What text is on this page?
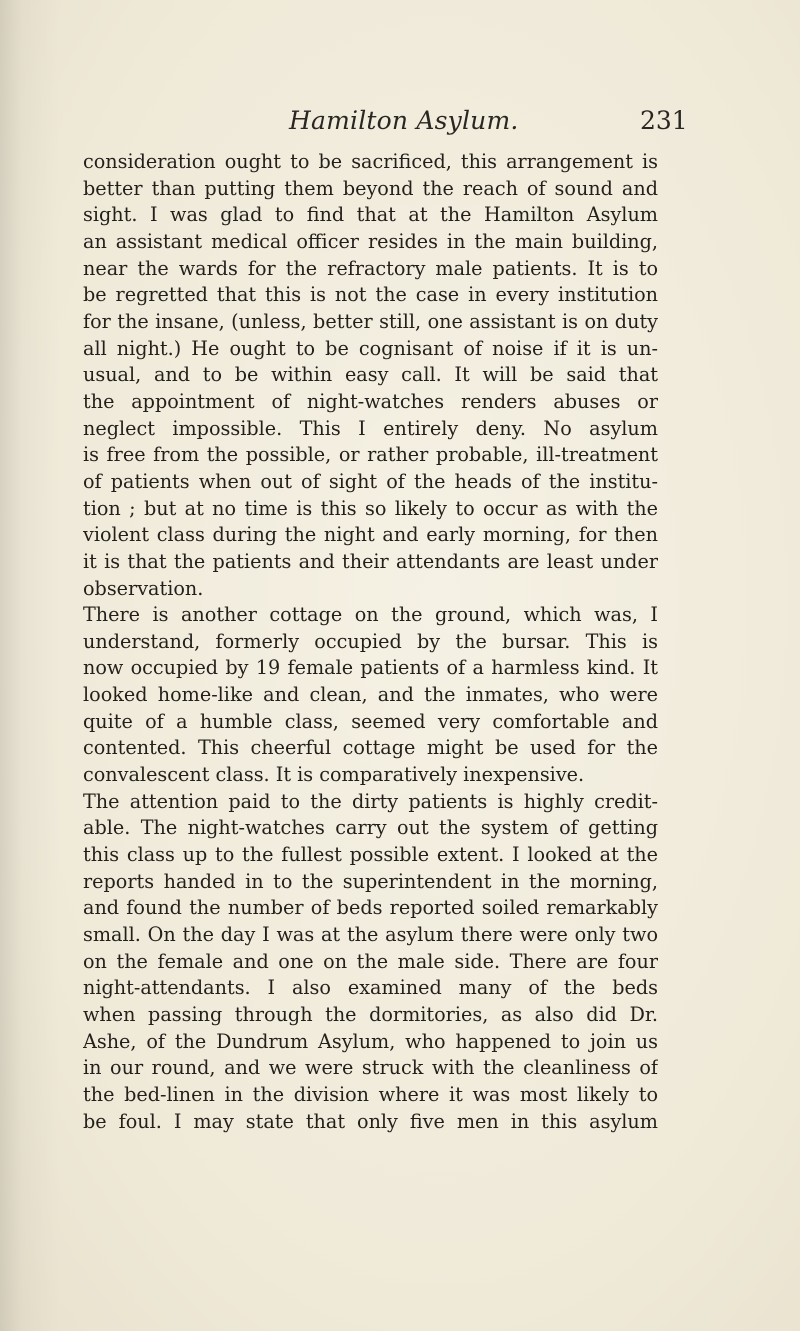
Hamilton Asylum.	231
consideration ought to be sacrificed, this arrangement is
better than putting them beyond the reach of sound and
sight. I was glad to find that at the Hamilton Asylum
an assistant medical officer resides in the main building,
near the wards for the refractory male patients. It is to
be regretted that this is not the case in every institution
for the insane, (unless, better still, one assistant is on duty
all night.) He ought to be cognisant of noise if it is un-
usual, and to be within easy call. It will be said that
the appointment of night-watches renders abuses or
neglect impossible. This I entirely deny. No asylum
is free from the possible, or rather probable, ill-treatment
of patients when out of sight of the heads of the institu-
tion ; but at no time is this so likely to occur as with the
violent class during the night and early morning, for then
it is that the patients and their attendants are least under
observation.
There is another cottage on the ground, which was, I
understand, formerly occupied by the bursar. This is
now occupied by 19 female patients of a harmless kind. It
looked home-like and clean, and the inmates, who were
quite of a humble class, seemed very comfortable and
contented. This cheerful cottage might be used for the
convalescent class. It is comparatively inexpensive.
The attention paid to the dirty patients is highly credit-
able. The night-watches carry out the system of getting
this class up to the fullest possible extent. I looked at the
reports handed in to the superintendent in the morning,
and found the number of beds reported soiled remarkably
small. On the day I was at the asylum there were only two
on the female and one on the male side. There are four
night-attendants. I also examined many of the beds
when passing through the dormitories, as also did Dr.
Ashe, of the Dundrum Asylum, who happened to join us
in our round, and we were struck with the cleanliness of
the bed-linen in the division where it was most likely to
be foul. I may state that only five men in this asylum
